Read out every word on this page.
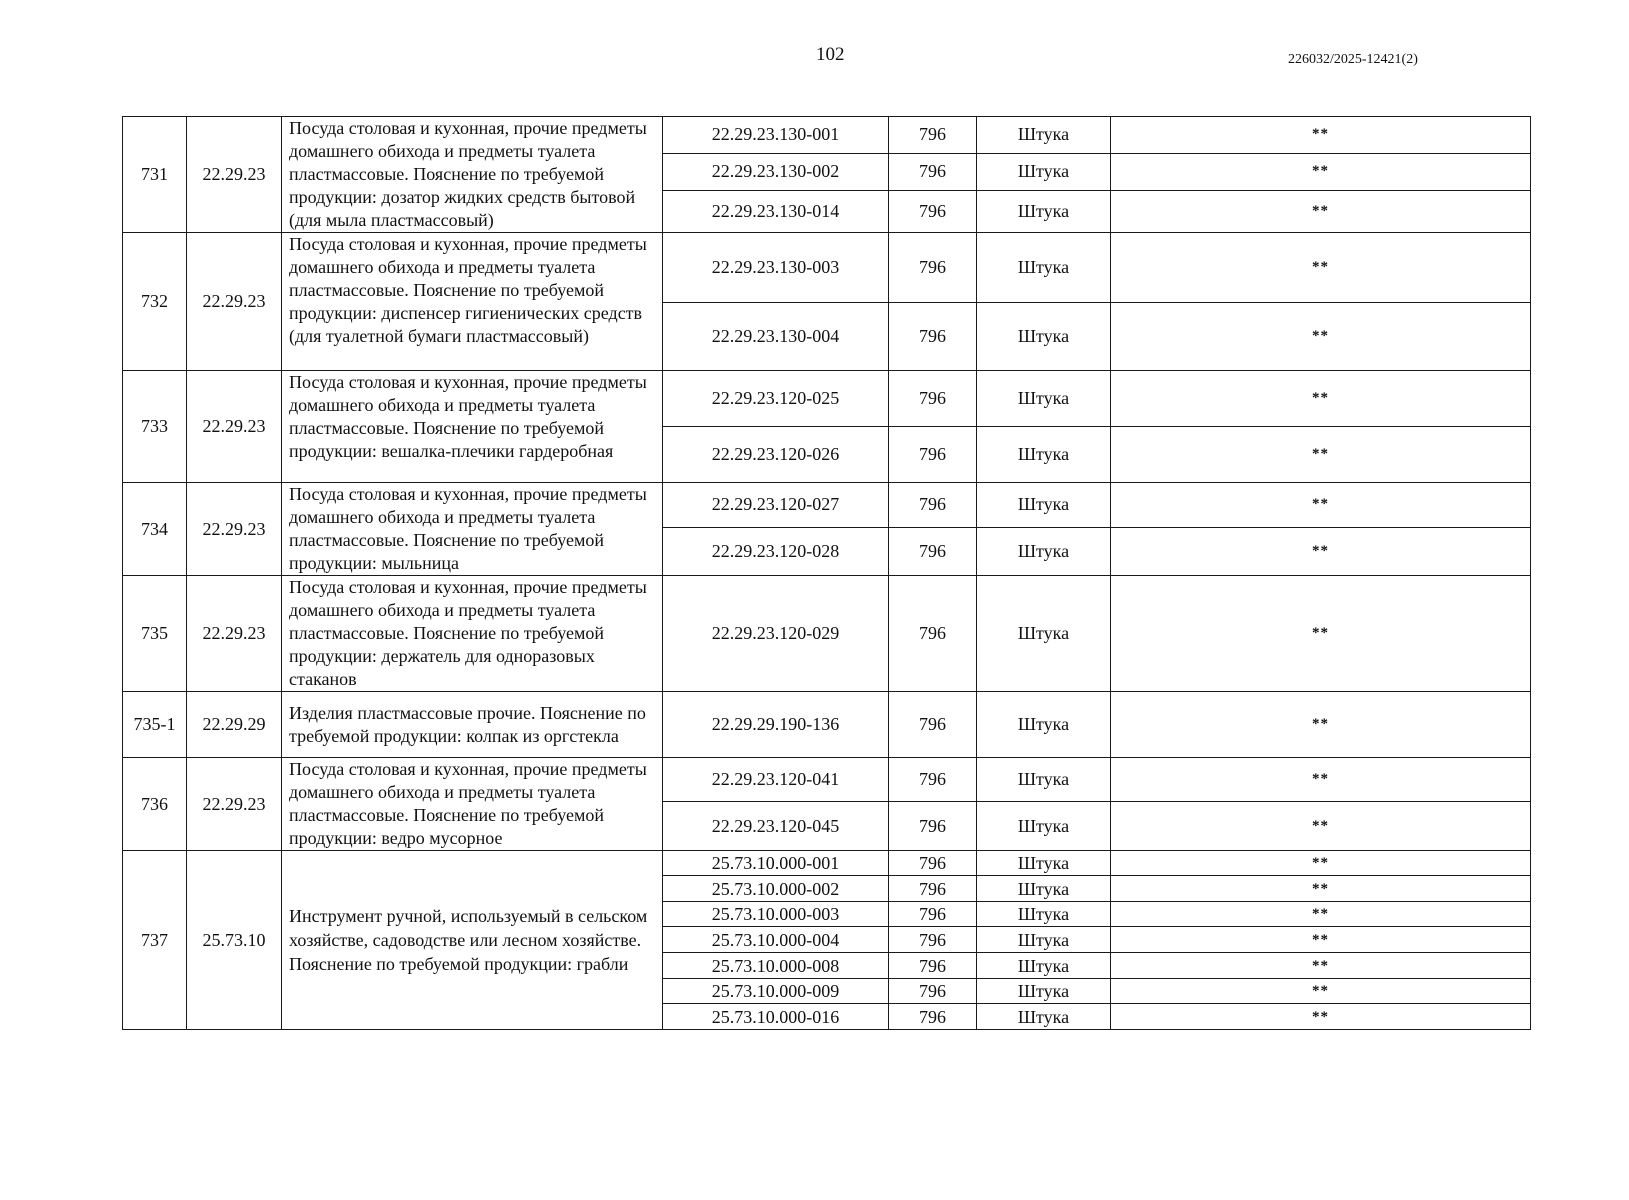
102	226032/2025-12421(2)
731	22.29.23	Посуда столовая и кухонная, прочие предметы домашнего обихода и предметы туалета пластмассовые. Пояснение по требуемой продукции: дозатор жидких средств бытовой (для мыла пластмассовый)	22.29.23.130-001	796	Штука	**
			22.29.23.130-002	796	Штука	**
			22.29.23.130-014	796	Штука	**
732	22.29.23	Посуда столовая и кухонная, прочие предметы домашнего обихода и предметы туалета пластмассовые. Пояснение по требуемой продукции: диспенсер гигиенических средств (для туалетной бумаги пластмассовый)	22.29.23.130-003	796	Штука	**
			22.29.23.130-004	796	Штука	**
733	22.29.23	Посуда столовая и кухонная, прочие предметы домашнего обихода и предметы туалета пластмассовые. Пояснение по требуемой продукции: вешалка-плечики гардеробная	22.29.23.120-025	796	Штука	**
			22.29.23.120-026	796	Штука	**
734	22.29.23	Посуда столовая и кухонная, прочие предметы домашнего обихода и предметы туалета пластмассовые. Пояснение по требуемой продукции: мыльница	22.29.23.120-027	796	Штука	**
			22.29.23.120-028	796	Штука	**
735	22.29.23	Посуда столовая и кухонная, прочие предметы домашнего обихода и предметы туалета пластмассовые. Пояснение по требуемой продукции: держатель для одноразовых стаканов	22.29.23.120-029	796	Штука	**
735-1	22.29.29	Изделия пластмассовые прочие. Пояснение по требуемой продукции: колпак из оргстекла	22.29.29.190-136	796	Штука	**
736	22.29.23	Посуда столовая и кухонная, прочие предметы домашнего обихода и предметы туалета пластмассовые. Пояснение по требуемой продукции: ведро мусорное	22.29.23.120-041	796	Штука	**
			22.29.23.120-045	796	Штука	**
737	25.73.10	Инструмент ручной, используемый в сельском хозяйстве, садоводстве или лесном хозяйстве. Пояснение по требуемой продукции: грабли	25.73.10.000-001	796	Штука	**
			25.73.10.000-002	796	Штука	**
			25.73.10.000-003	796	Штука	**
			25.73.10.000-004	796	Штука	**
			25.73.10.000-008	796	Штука	**
			25.73.10.000-009	796	Штука	**
			25.73.10.000-016	796	Штука	**
